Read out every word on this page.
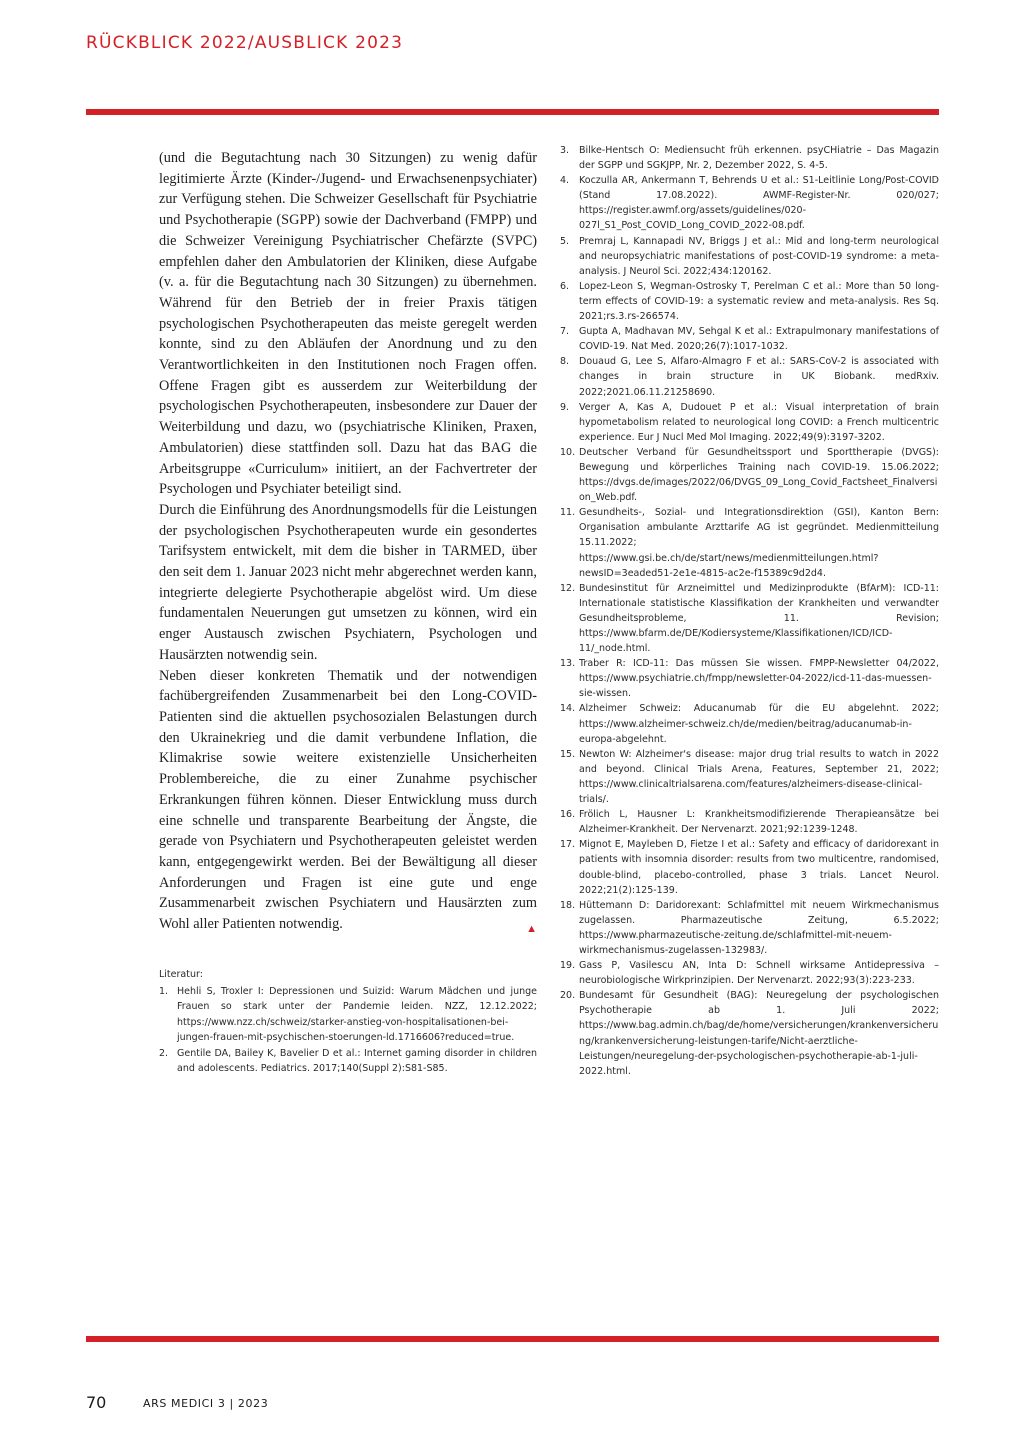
RÜCKBLICK 2022/AUSBLICK 2023

(und die Begutachtung nach 30 Sitzungen) zu wenig dafür legitimierte Ärzte (Kinder-/Jugend- und Erwachsenenpsychiater) zur Verfügung stehen. Die Schweizer Gesellschaft für Psychiatrie und Psychotherapie (SGPP) sowie der Dachverband (FMPP) und die Schweizer Vereinigung Psychiatrischer Chefärzte (SVPC) empfehlen daher den Ambulatorien der Kliniken, diese Aufgabe (v. a. für die Begutachtung nach 30 Sitzungen) zu übernehmen. Während für den Betrieb der in freier Praxis tätigen psychologischen Psychotherapeuten das meiste geregelt werden konnte, sind zu den Abläufen der Anordnung und zu den Verantwortlichkeiten in den Institutionen noch Fragen offen. Offene Fragen gibt es ausserdem zur Weiterbildung der psychologischen Psychotherapeuten, insbesondere zur Dauer der Weiterbildung und dazu, wo (psychiatrische Kliniken, Praxen, Ambulatorien) diese stattfinden soll. Dazu hat das BAG die Arbeitsgruppe «Curriculum» initiiert, an der Fachvertreter der Psychologen und Psychiater beteiligt sind.

Durch die Einführung des Anordnungsmodells für die Leistungen der psychologischen Psychotherapeuten wurde ein gesondertes Tarifsystem entwickelt, mit dem die bisher in TARMED, über den seit dem 1. Januar 2023 nicht mehr abgerechnet werden kann, integrierte delegierte Psychotherapie abgelöst wird. Um diese fundamentalen Neuerungen gut umsetzen zu können, wird ein enger Austausch zwischen Psychiatern, Psychologen und Hausärzten notwendig sein.

Neben dieser konkreten Thematik und der notwendigen fachübergreifenden Zusammenarbeit bei den Long-COVID-Patienten sind die aktuellen psychosozialen Belastungen durch den Ukrainekrieg und die damit verbundene Inflation, die Klimakrise sowie weitere existenzielle Unsicherheiten Problembereiche, die zu einer Zunahme psychischer Erkrankungen führen können. Dieser Entwicklung muss durch eine schnelle und transparente Bearbeitung der Ängste, die gerade von Psychiatern und Psychotherapeuten geleistet werden kann, entgegengewirkt werden. Bei der Bewältigung all dieser Anforderungen und Fragen ist eine gute und enge Zusammenarbeit zwischen Psychiatern und Hausärzten zum Wohl aller Patienten notwendig.	▲

Literatur:

1. Hehli S, Troxler I: Depressionen und Suizid: Warum Mädchen und junge Frauen so stark unter der Pandemie leiden. NZZ, 12.12.2022; https://www.nzz.ch/schweiz/starker-anstieg-von-hospitalisationen-bei-jungen-frauen-mit-psychischen-stoerungen-ld.1716606?reduced=true.
2. Gentile DA, Bailey K, Bavelier D et al.: Internet gaming disorder in children and adolescents. Pediatrics. 2017;140(Suppl 2):S81-S85.
3.	Bilke-Hentsch O: Mediensucht früh erkennen. psyCHiatrie – Das Magazin der SGPP und SGKJPP, Nr. 2, Dezember 2022, S. 4-5.
4.	Koczulla AR, Ankermann T, Behrends U et al.: S1-Leitlinie Long/Post-COVID (Stand 17.08.2022). AWMF-Register-Nr. 020/027; https://register.awmf.org/assets/guidelines/020-027l_S1_Post_COVID_Long_COVID_2022-08.pdf.
5.	Premraj L, Kannapadi NV, Briggs J et al.: Mid and long-term neurological and neuropsychiatric manifestations of post-COVID-19 syndrome: a meta-analysis. J Neurol Sci. 2022;434:120162.
6.	Lopez-Leon S, Wegman-Ostrosky T, Perelman C et al.: More than 50 long-term effects of COVID-19: a systematic review and meta-analysis. Res Sq. 2021;rs.3.rs-266574.
7.	Gupta A, Madhavan MV, Sehgal K et al.: Extrapulmonary manifestations of COVID-19. Nat Med. 2020;26(7):1017-1032.
8.	Douaud G, Lee S, Alfaro-Almagro F et al.: SARS-CoV-2 is associated with changes in brain structure in UK Biobank. medRxiv. 2022;2021.06.11.21258690.
9.	Verger A, Kas A, Dudouet P et al.: Visual interpretation of brain hypometabolism related to neurological long COVID: a French multicentric experience. Eur J Nucl Med Mol Imaging. 2022;49(9):3197-3202.
10. Deutscher Verband für Gesundheitssport und Sporttherapie (DVGS): Bewegung und körperliches Training nach COVID-19. 15.06.2022; https://dvgs.de/images/2022/06/DVGS_09_Long_Covid_Factsheet_Finalversion_Web.pdf.
11. Gesundheits-, Sozial- und Integrationsdirektion (GSI), Kanton Bern: Organisation ambulante Arzttarife AG ist gegründet. Medienmitteilung 15.11.2022; https://www.gsi.be.ch/de/start/news/medienmitteilungen.html?newsID=3eaded51-2e1e-4815-ac2e-f15389c9d2d4.
12. Bundesinstitut für Arzneimittel und Medizinprodukte (BfArM): ICD-11: Internationale statistische Klassifikation der Krankheiten und verwandter Gesundheitsprobleme, 11. Revision; https://www.bfarm.de/DE/Kodiersysteme/Klassifikationen/ICD/ICD-11/_node.html.
13. Traber R: ICD-11: Das müssen Sie wissen. FMPP-Newsletter 04/2022, https://www.psychiatrie.ch/fmpp/newsletter-04-2022/icd-11-das-muessen-sie-wissen.
14. Alzheimer Schweiz: Aducanumab für die EU abgelehnt. 2022; https://www.alzheimer-schweiz.ch/de/medien/beitrag/aducanumab-in-europa-abgelehnt.
15. Newton W: Alzheimer's disease: major drug trial results to watch in 2022 and beyond. Clinical Trials Arena, Features, September 21, 2022; https://www.clinicaltrialsarena.com/features/alzheimers-disease-clinical-trials/.
16. Frölich L, Hausner L: Krankheitsmodifizierende Therapieansätze bei Alzheimer-Krankheit. Der Nervenarzt. 2021;92:1239-1248.
17. Mignot E, Mayleben D, Fietze I et al.: Safety and efficacy of daridorexant in patients with insomnia disorder: results from two multicentre, randomised, double-blind, placebo-controlled, phase 3 trials. Lancet Neurol. 2022;21(2):125-139.
18. Hüttemann D: Daridorexant: Schlafmittel mit neuem Wirkmechanismus zugelassen. Pharmazeutische Zeitung, 6.5.2022; https://www.pharmazeutische-zeitung.de/schlafmittel-mit-neuem-wirkmechanismus-zugelassen-132983/.
19. Gass P, Vasilescu AN, Inta D: Schnell wirksame Antidepressiva – neurobiologische Wirkprinzipien. Der Nervenarzt. 2022;93(3):223-233.
20. Bundesamt für Gesundheit (BAG): Neuregelung der psychologischen Psychotherapie ab 1. Juli 2022; https://www.bag.admin.ch/bag/de/home/versicherungen/krankenversicherung/krankenversicherung-leistungen-tarife/Nicht-aerztliche-Leistungen/neuregelung-der-psychologischen-psychotherapie-ab-1-juli-2022.html.
70	ARS MEDICI 3 | 2023
